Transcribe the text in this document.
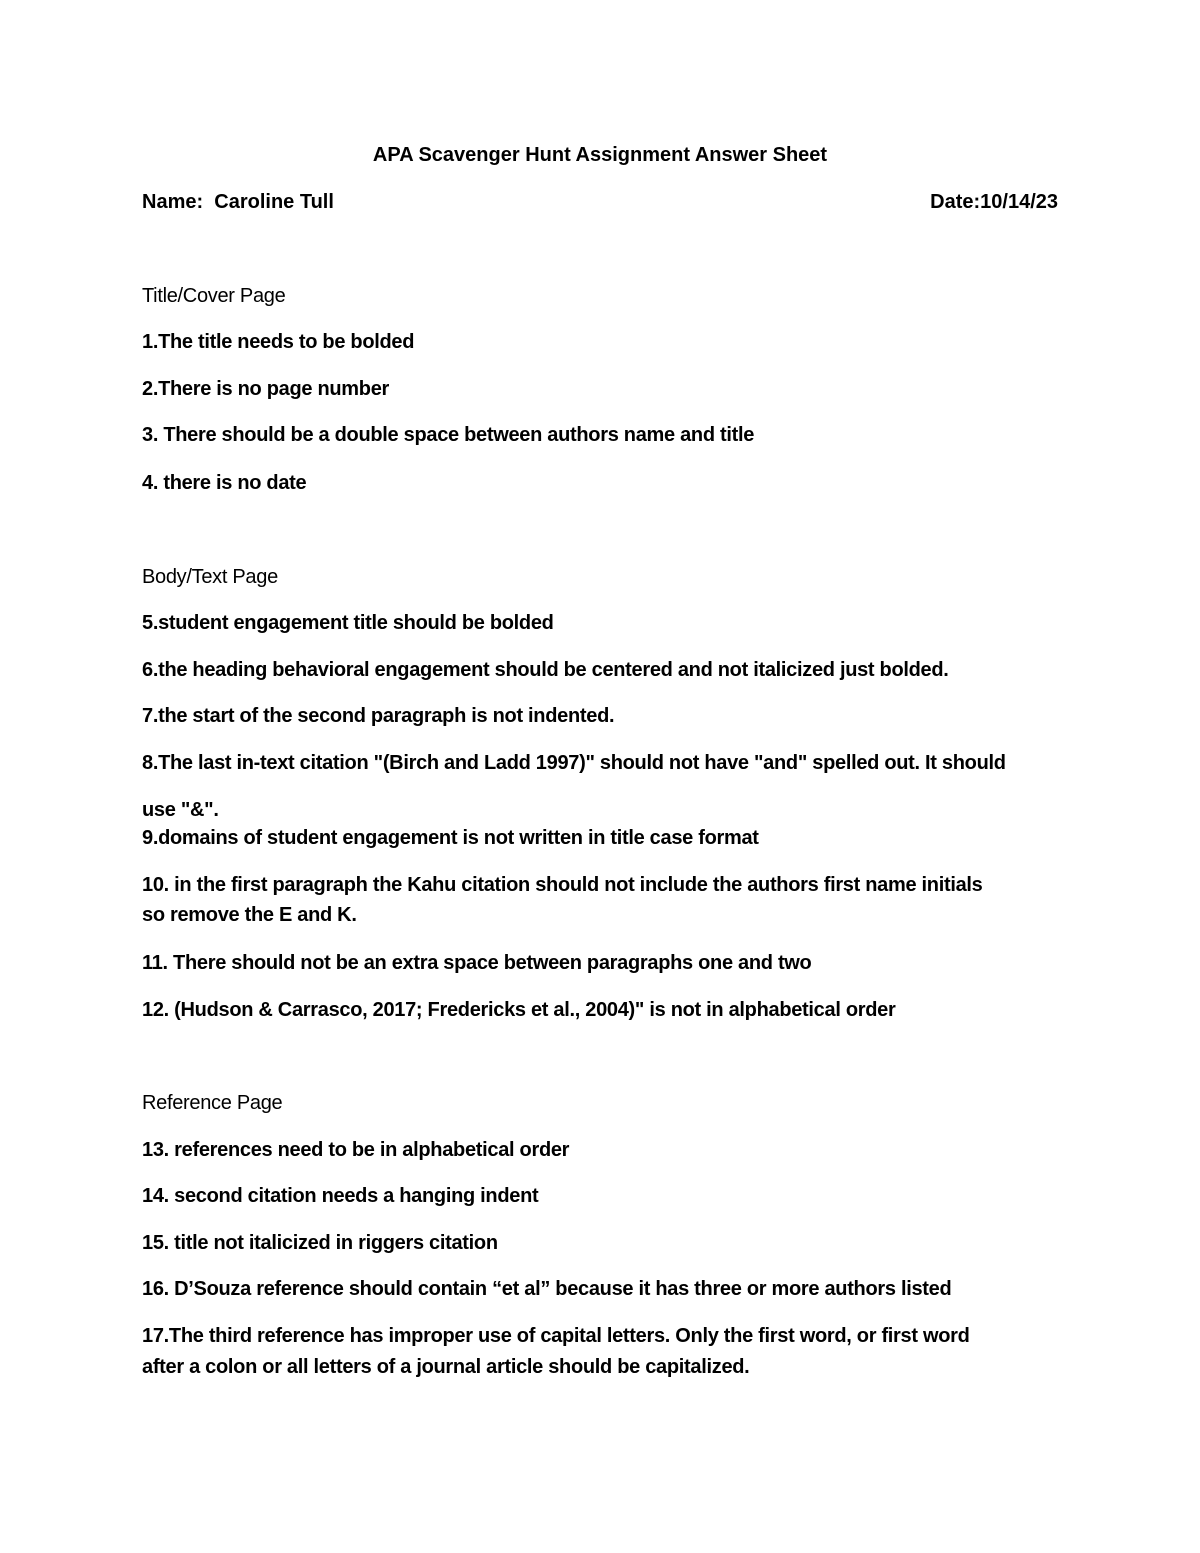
APA Scavenger Hunt Assignment Answer Sheet
Name: Caroline Tull	Date:10/14/23
Title/Cover Page
1.The title needs to be bolded
2.There is no page number
3. There should be a double space between authors name and title
4. there is no date
Body/Text Page
5.student engagement title should be bolded
6.the heading behavioral engagement should be centered and not italicized just bolded.
7.the start of the second paragraph is not indented.
8.The last in-text citation "(Birch and Ladd 1997)" should not have "and" spelled out. It should
use "&".
9.domains of student engagement is not written in title case format
10. in the first paragraph the Kahu citation should not include the authors first name initials
so remove the E and K.
11. There should not be an extra space between paragraphs one and two
12. (Hudson & Carrasco, 2017; Fredericks et al., 2004)" is not in alphabetical order
Reference Page
13. references need to be in alphabetical order
14. second citation needs a hanging indent
15. title not italicized in riggers citation
16. D’Souza reference should contain “et al” because it has three or more authors listed
17.The third reference has improper use of capital letters. Only the first word, or first word
after a colon or all letters of a journal article should be capitalized.
